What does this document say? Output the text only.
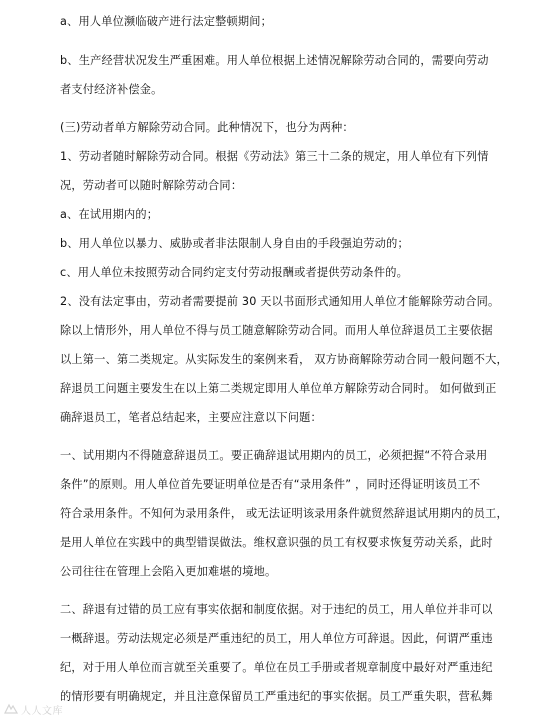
a、用人单位濒临破产进行法定整顿期间；
b、生产经营状况发生严重困难。用人单位根据上述情况解除劳动合同的，需要向劳动
者支付经济补偿金。
(三)劳动者单方解除劳动合同。此种情况下，也分为两种：
1、劳动者随时解除劳动合同。根据《劳动法》第三十二条的规定，用人单位有下列情
况，劳动者可以随时解除劳动合同：
a、在试用期内的；
b、用人单位以暴力、威胁或者非法限制人身自由的手段强迫劳动的；
c、用人单位未按照劳动合同约定支付劳动报酬或者提供劳动条件的。
2、没有法定事由，劳动者需要提前 30 天以书面形式通知用人单位才能解除劳动合同。
除以上情形外，用人单位不得与员工随意解除劳动合同。而用人单位辞退员工主要依据
以上第一、第二类规定。从实际发生的案例来看， 双方协商解除劳动合同一般问题不大，
辞退员工问题主要发生在以上第二类规定即用人单位单方解除劳动合同时。 如何做到正
确辞退员工，笔者总结起来，主要应注意以下问题：
一、试用期内不得随意辞退员工。要正确辞退试用期内的员工，必须把握“不符合录用
条件”的原则。用人单位首先要证明单位是否有“录用条件” ，同时还得证明该员工不
符合录用条件。不知何为录用条件， 或无法证明该录用条件就贸然辞退试用期内的员工，
是用人单位在实践中的典型错误做法。维权意识强的员工有权要求恢复劳动关系，此时
公司往往在管理上会陷入更加难堪的境地。
二、辞退有过错的员工应有事实依据和制度依据。对于违纪的员工，用人单位并非可以
一概辞退。劳动法规定必须是严重违纪的员工，用人单位方可辞退。因此，何谓严重违
纪，对于用人单位而言就至关重要了。单位在员工手册或者规章制度中最好对严重违纪
的情形要有明确规定，并且注意保留员工严重违纪的事实依据。员工严重失职，营私舞
人人文库
